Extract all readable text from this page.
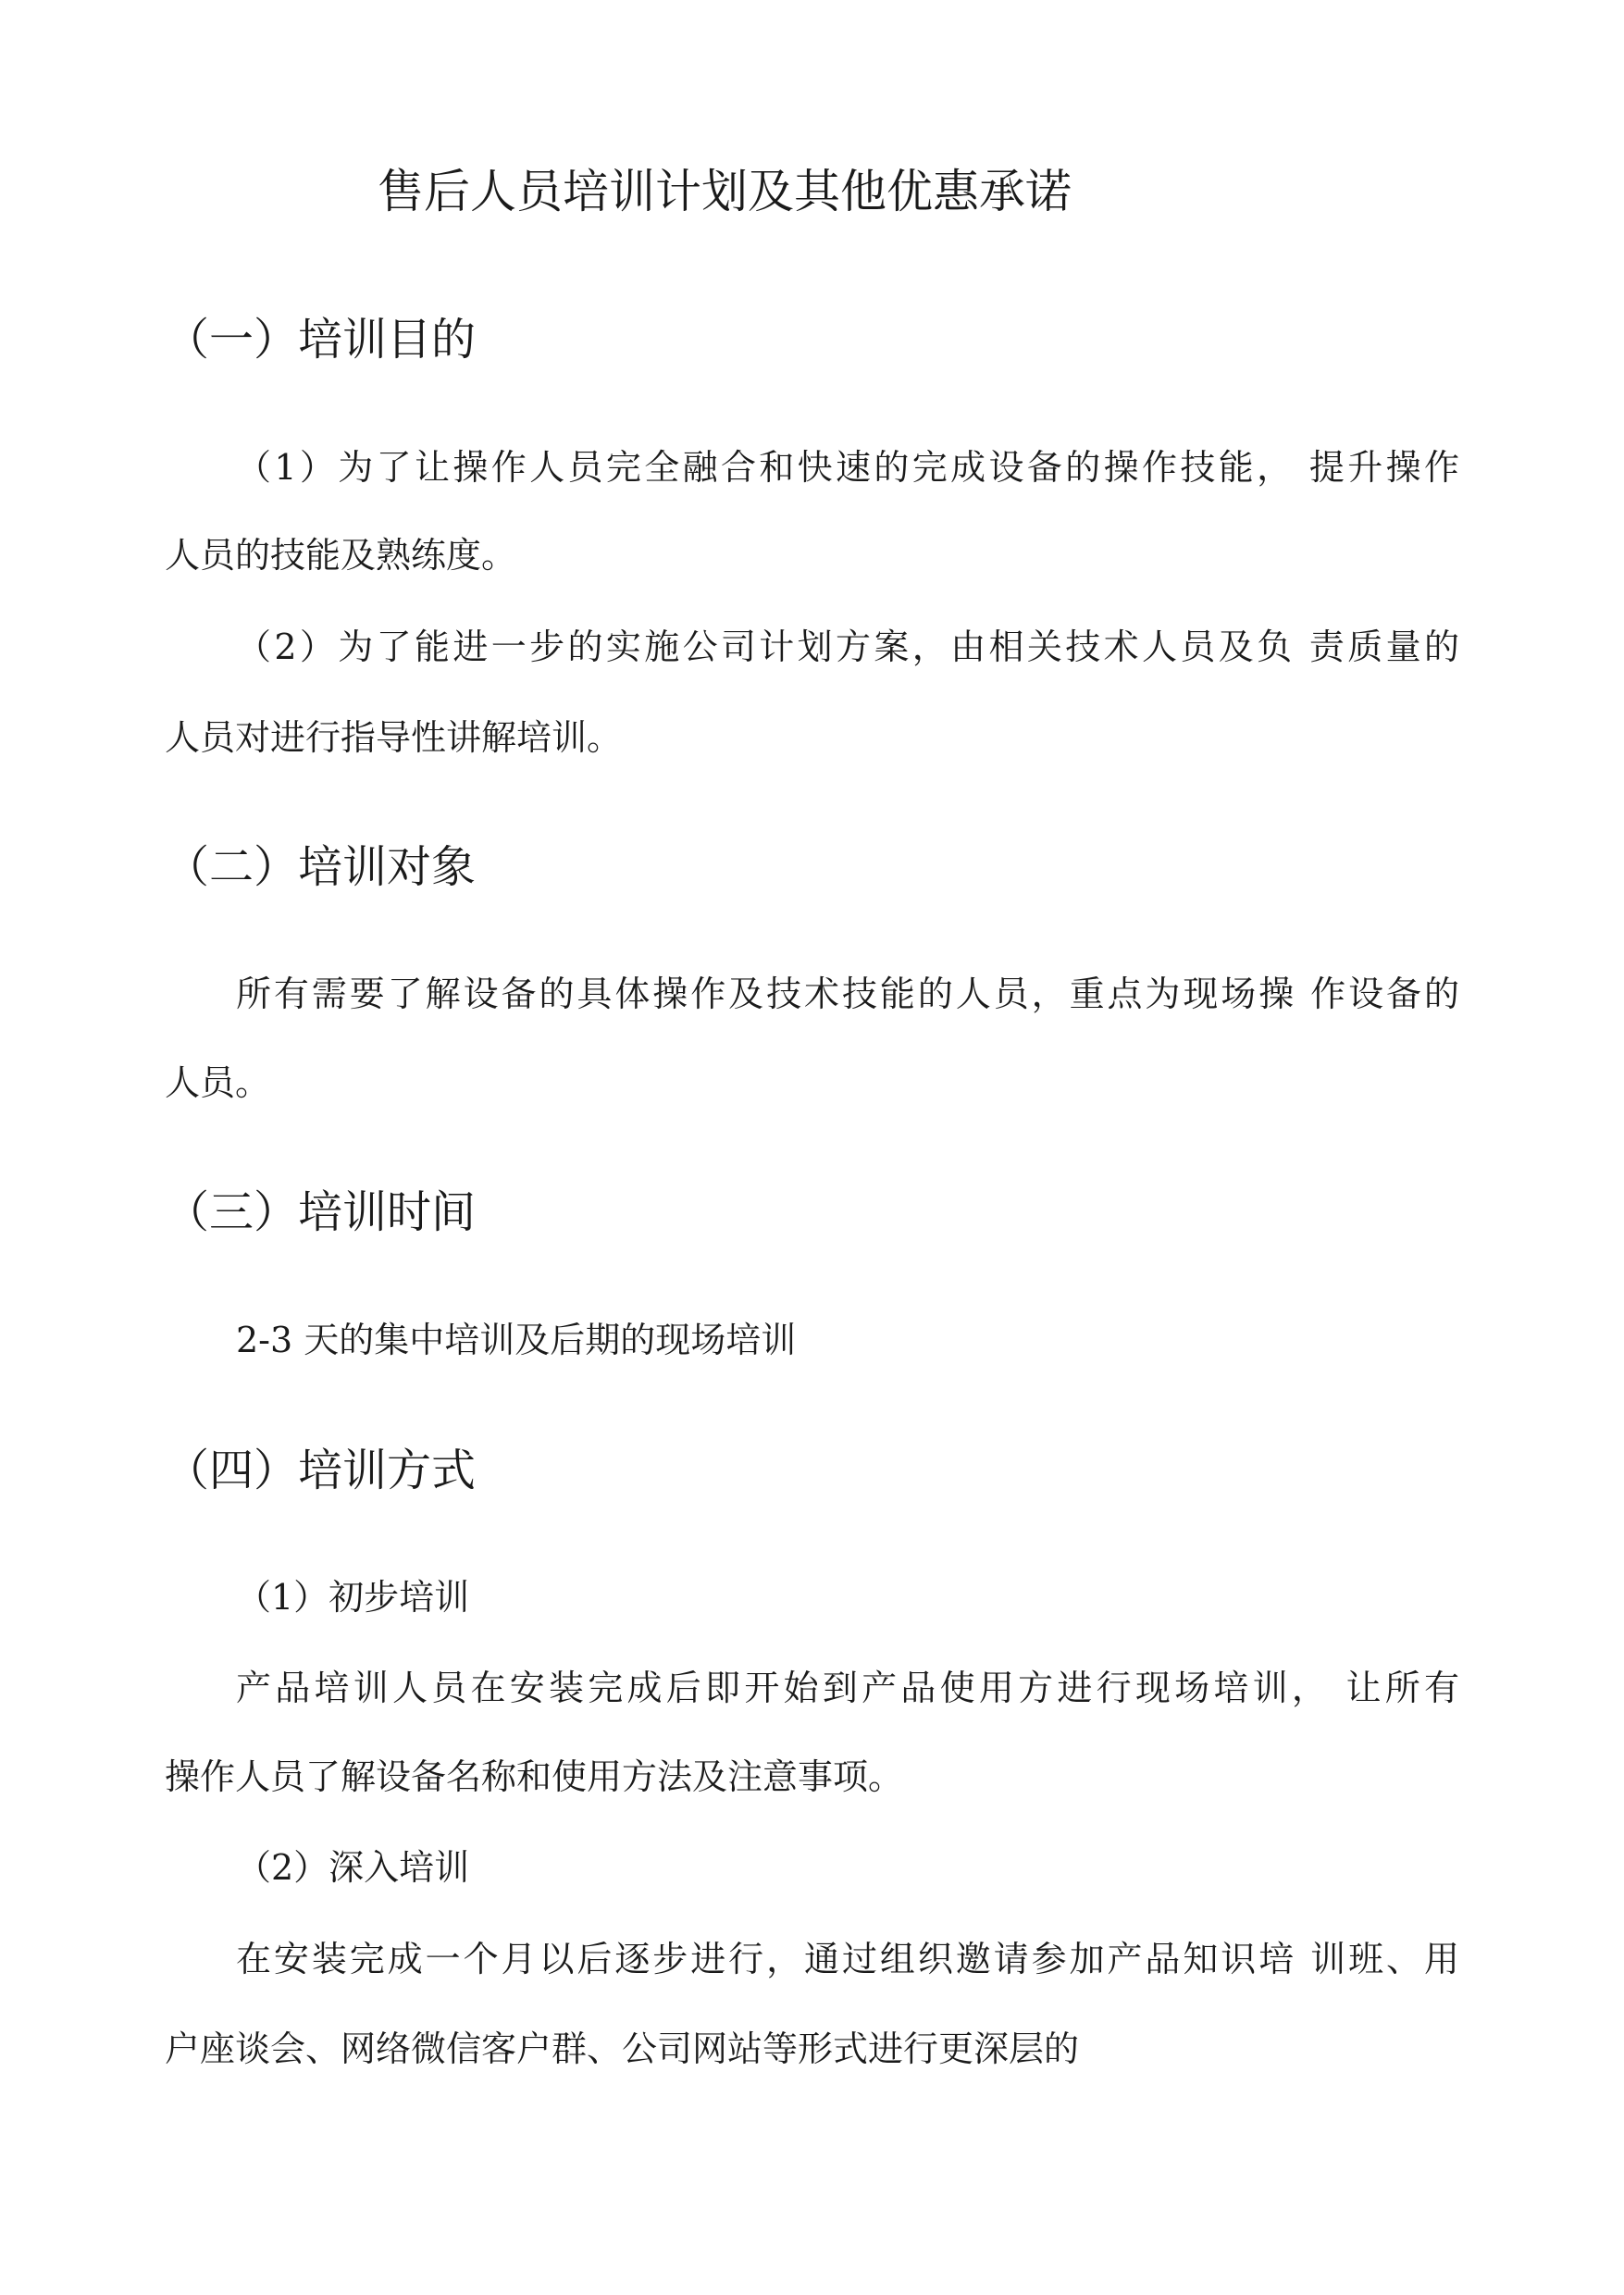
售后人员培训计划及其他优惠承诺
（一）培训目的
（1）为了让操作人员完全融合和快速的完成设备的操作技能， 提升操作
人员的技能及熟练度。
（2）为了能进一步的实施公司计划方案，由相关技术人员及负 责质量的
人员对进行指导性讲解培训。
（二）培训对象
所有需要了解设备的具体操作及技术技能的人员，重点为现场操 作设备的
人员。
（三）培训时间
2-3 天的集中培训及后期的现场培训
（四）培训方式
（1）初步培训
产品培训人员在安装完成后即开始到产品使用方进行现场培训， 让所有
操作人员了解设备名称和使用方法及注意事项。
（2）深入培训
在安装完成一个月以后逐步进行，通过组织邀请参加产品知识培 训班、用
户座谈会、网络微信客户群、公司网站等形式进行更深层的
